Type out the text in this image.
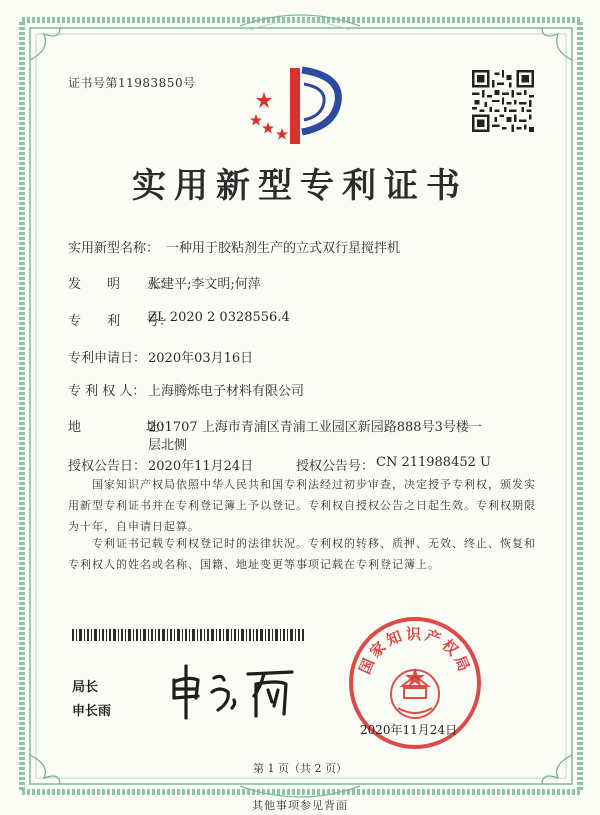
证书号第11983850号
实用新型专利证书
实用新型名称： 一种用于胶粘剂生产的立式双行星搅拌机
发　　明　　人：
张建平;李文明;何萍
专　　利　　号：
ZL 2020 2 0328556.4
专利申请日： 2020年03月16日
专 利 权 人： 上海腾烁电子材料有限公司
地　　　　　址：
201707 上海市青浦区青浦工业园区新园路888号3号楼一
层北侧
授权公告日： 2020年11月24日	授权公告号： CN 211988452 U
国家知识产权局依照中华人民共和国专利法经过初步审查，决定授予专利权，颁发实用新型专利证书并在专利登记簿上予以登记。专利权自授权公告之日起生效。专利权期限为十年，自申请日起算。
专利证书记载专利权登记时的法律状况。专利权的转移、质押、无效、终止、恢复和专利权人的姓名或名称、国籍、地址变更等事项记载在专利登记簿上。
局长
申长雨
国家知识产权局
2020年11月24日
第 1 页（共 2 页）
其他事项参见背面
